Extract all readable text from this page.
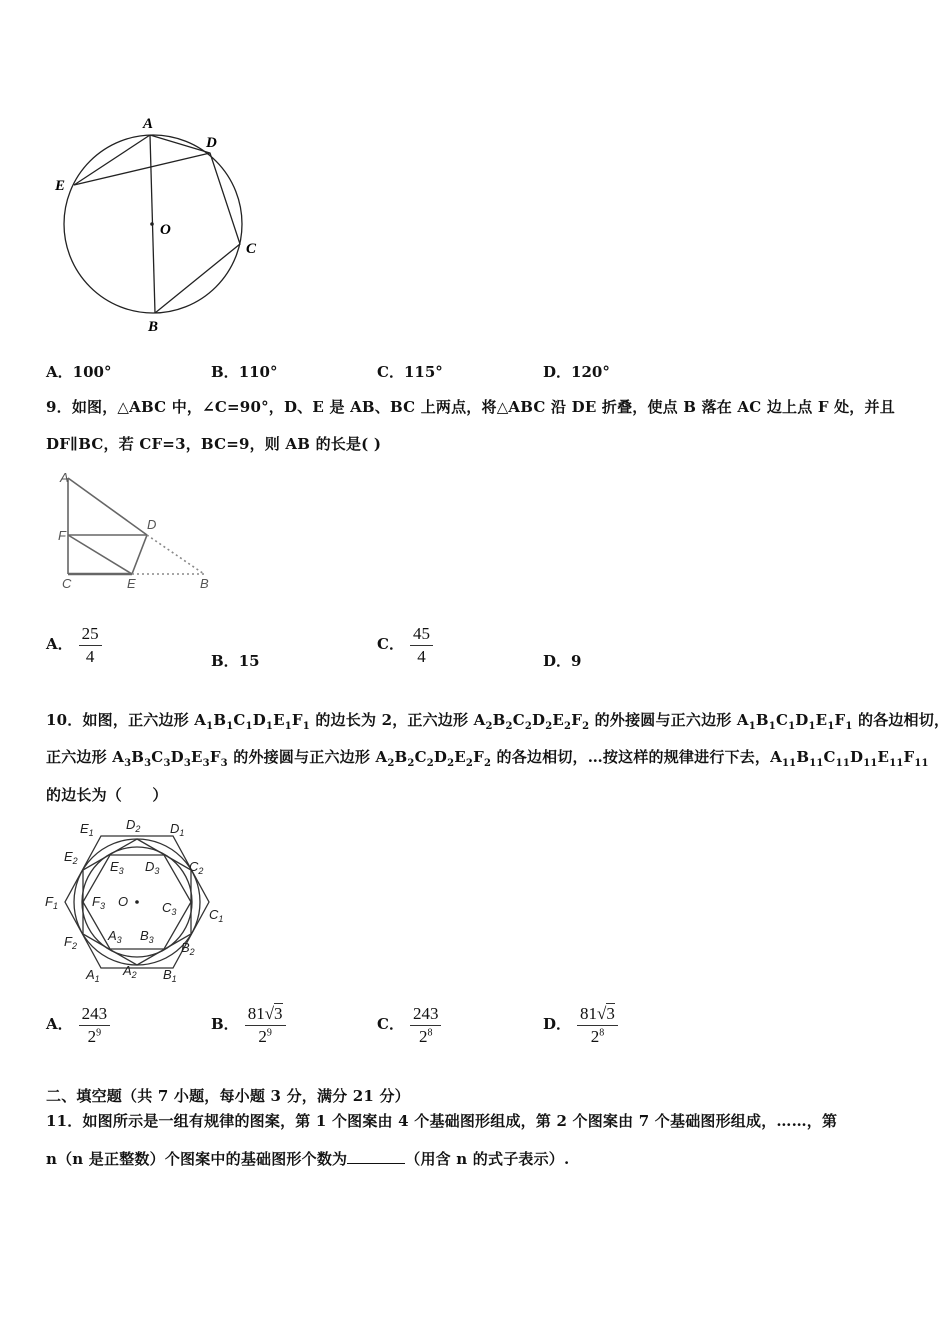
A
D
E
O
C
B
A．100°	B．110°	C．115°	D．120°
9．如图，△ABC 中，∠C=90°，D、E 是 AB、BC 上两点，将△ABC 沿 DE 折叠，使点 B 落在 AC 边上点 F 处，并且
DF∥BC，若 CF=3，BC=9，则 AB 的长是( )
A
D
F
C	E	B
A． $\frac{25}{4}$	B．15
C． $\frac{45}{4}$	D．9
10．如图，正六边形 $A_1B_1C_1D_1E_1F_1$ 的边长为 2，正六边形 $A_2B_2C_2D_2E_2F_2$ 的外接圆与正六边形 $A_1B_1C_1D_1E_1F_1$ 的各边相切，
正六边形 $A_3B_3C_3D_3E_3F_3$ 的外接圆与正六边形 $A_2B_2C_2D_2E_2F_2$ 的各边相切，…按这样的规律进行下去，$A_{11}B_{11}C_{11}D_{11}E_{11}F_{11}$
的边长为（　　）
$E_1$
$D_2$ $D_1$
$E_2$ $E_3$ $D_3$ $C_2$
$F_1$	$F_3$ O	$C_3$	$C_1$
$F_2$
$A_3$ $B_3$ $B_2$
$A_1$
$A_2$ $B_1$
A． $\frac{243}{2^9}$	B． $\frac{81√3}{2^9}$	C． $\frac{243}{2^8}$	D． $\frac{81√3}{2^8}$
二、填空题（共 7 小题，每小题 3 分，满分 21 分）
11．如图所示是一组有规律的图案，第 1 个图案由 4 个基础图形组成，第 2 个图案由 7 个基础图形组成，……，第
n（n 是正整数）个图案中的基础图形个数为	（用含 n 的式子表示）.
